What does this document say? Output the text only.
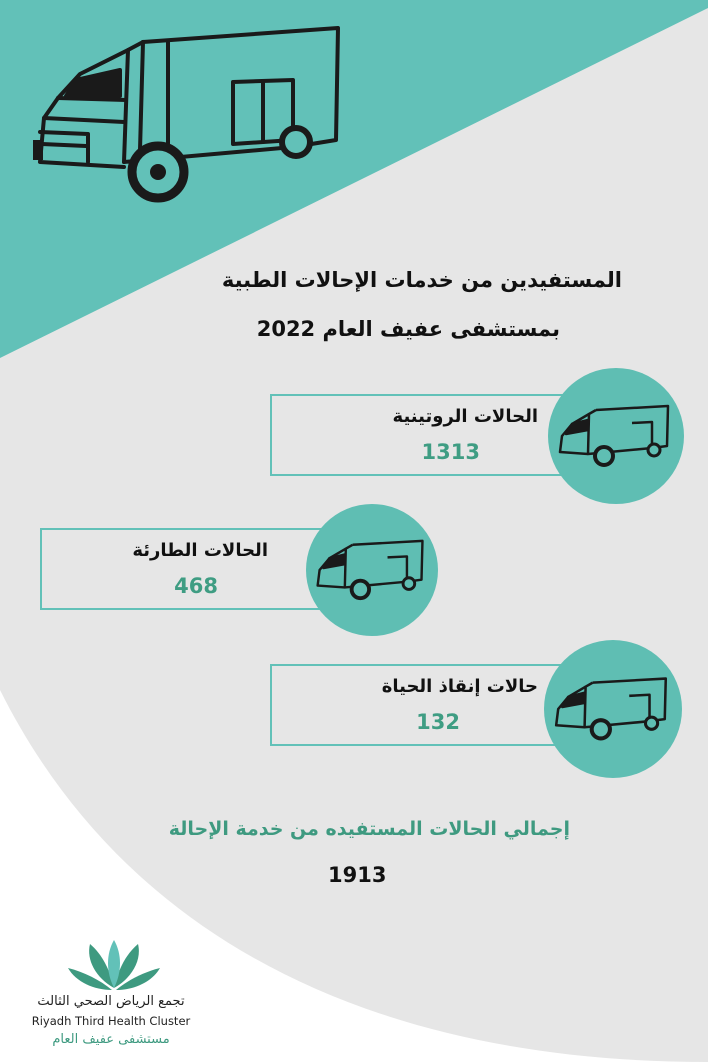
المستفيدين من خدمات الإحالات الطبية
بمستشفى عفيف العام 2022
الحالات الروتينية
1313
الحالات الطارئة
468
حالات إنقاذ الحياة
132
إجمالي الحالات المستفيده من خدمة الإحالة
1913
تجمع الرياض الصحي الثالث
Riyadh Third Health Cluster
مستشفى عفيف العام
